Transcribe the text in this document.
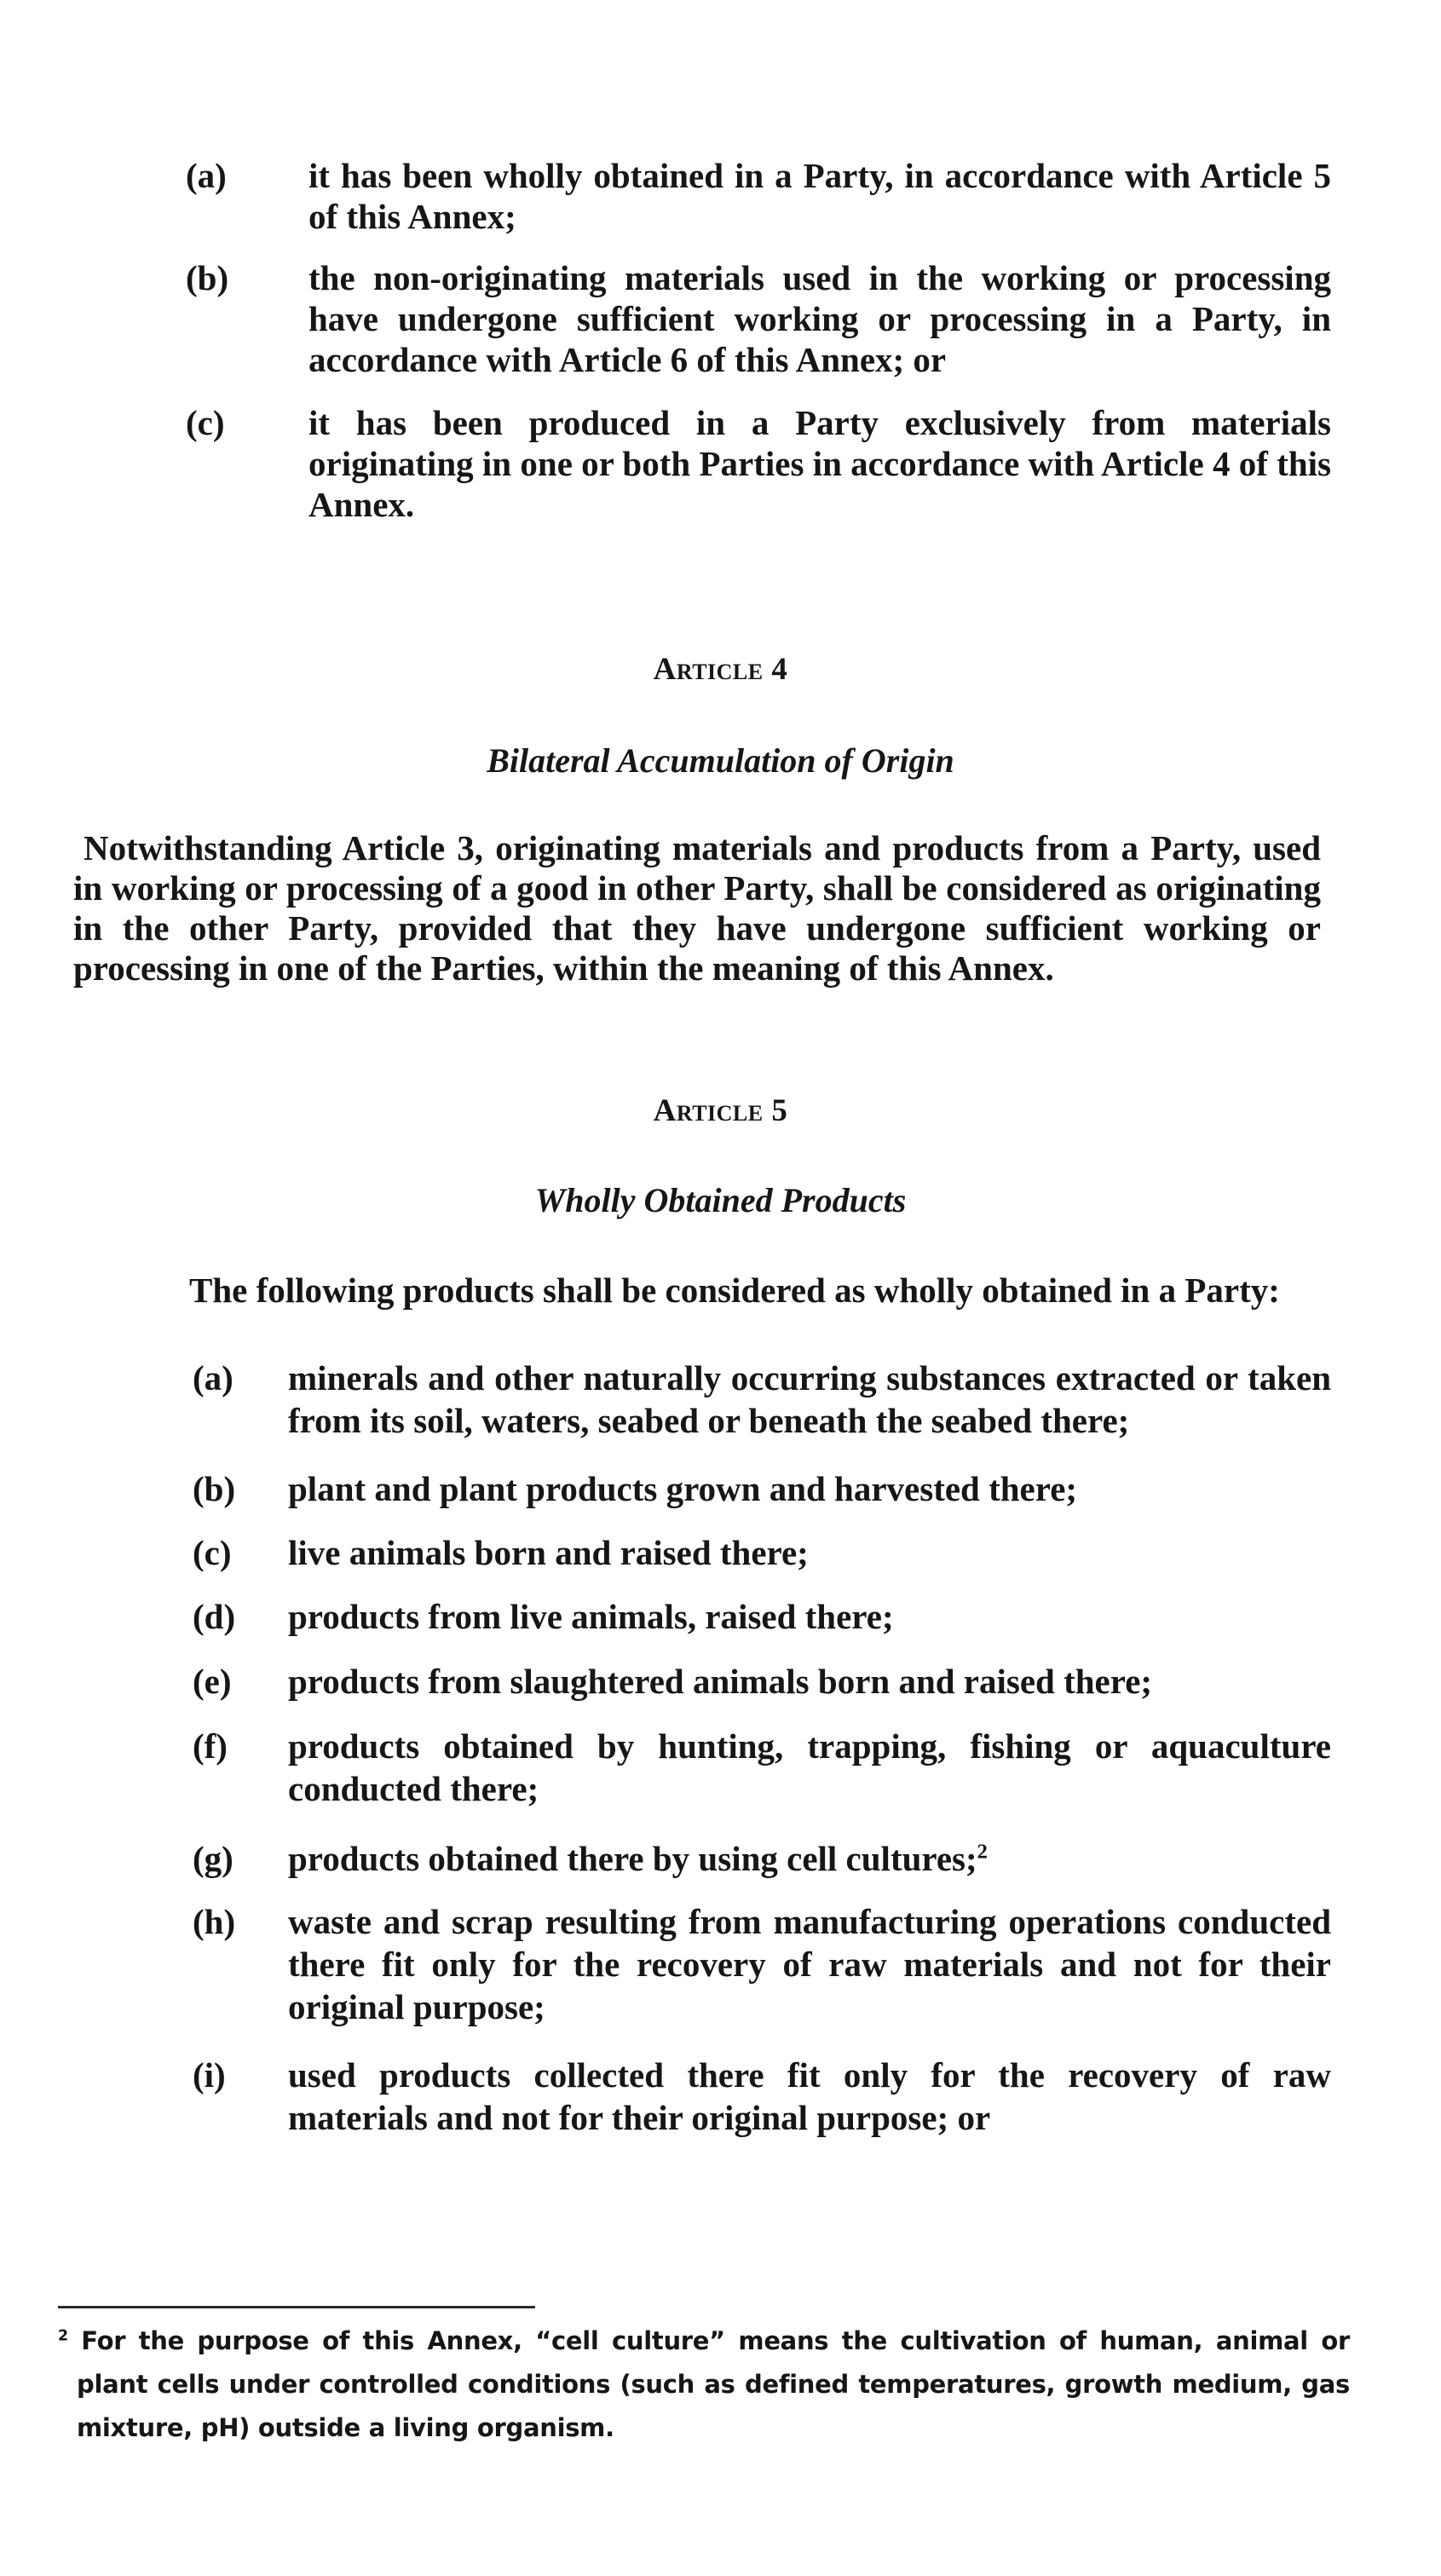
(a)	it has been wholly obtained in a Party, in accordance with Article 5 of this Annex;
(b)	the non-originating materials used in the working or processing have undergone sufficient working or processing in a Party, in accordance with Article 6 of this Annex; or
(c)	it has been produced in a Party exclusively from materials originating in one or both Parties in accordance with Article 4 of this Annex.
Article 4
Bilateral Accumulation of Origin
Notwithstanding Article 3, originating materials and products from a Party, used in working or processing of a good in other Party, shall be considered as originating in the other Party, provided that they have undergone sufficient working or processing in one of the Parties, within the meaning of this Annex.
Article 5
Wholly Obtained Products
The following products shall be considered as wholly obtained in a Party:
(a)	minerals and other naturally occurring substances extracted or taken from its soil, waters, seabed or beneath the seabed there;
(b)	plant and plant products grown and harvested there;
(c)	live animals born and raised there;
(d)	products from live animals, raised there;
(e)	products from slaughtered animals born and raised there;
(f)	products obtained by hunting, trapping, fishing or aquaculture conducted there;
(g)	products obtained there by using cell cultures;$^2$
(h)	waste and scrap resulting from manufacturing operations conducted there fit only for the recovery of raw materials and not for their original purpose;
(i)	used products collected there fit only for the recovery of raw materials and not for their original purpose; or
$^2$ For the purpose of this Annex, “cell culture” means the cultivation of human, animal or plant cells under controlled conditions (such as defined temperatures, growth medium, gas mixture, pH) outside a living organism.
